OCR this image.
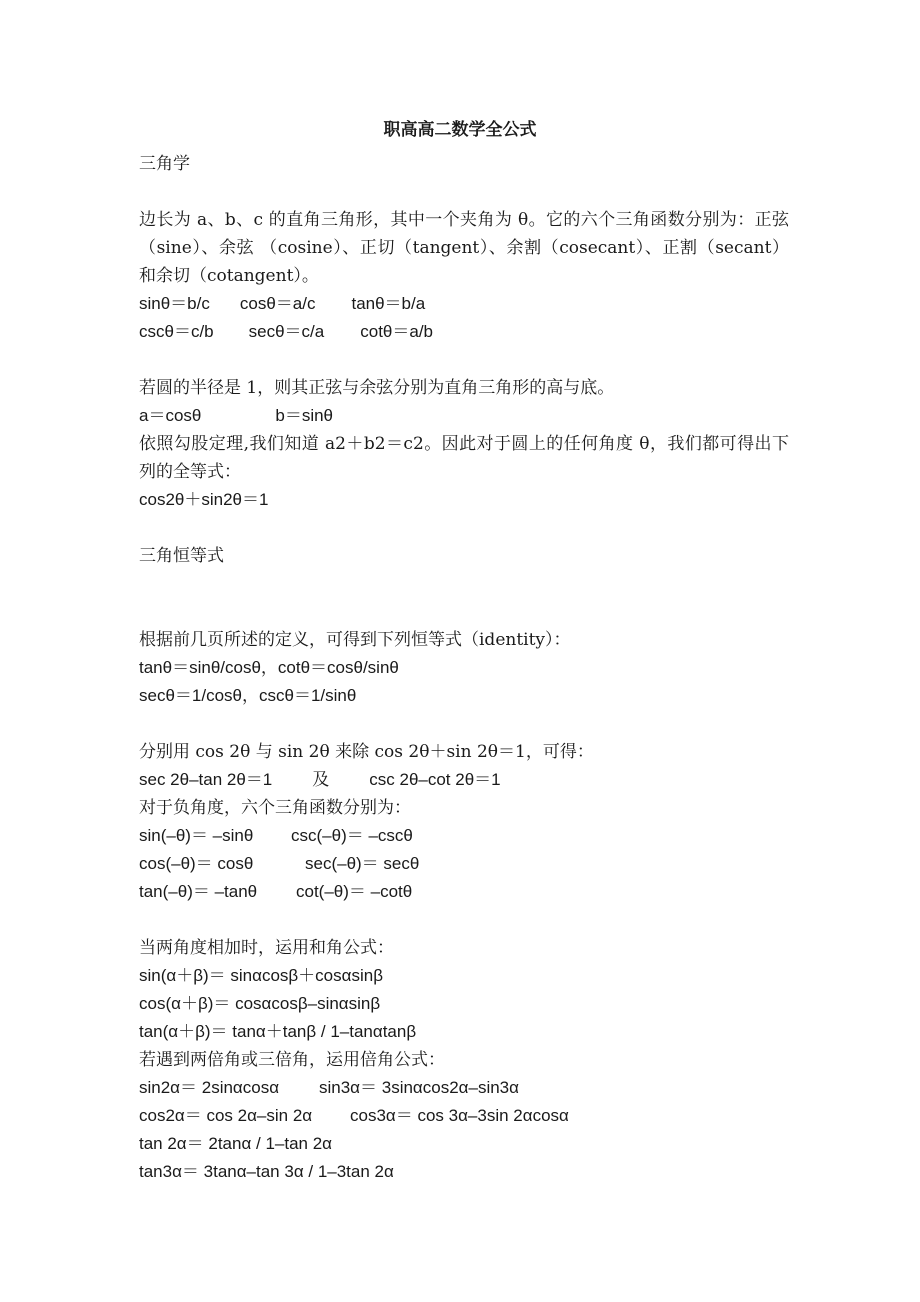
职高高二数学全公式
三角学
边长为 a、b、c 的直角三角形，其中一个夹角为 θ。它的六个三角函数分别为：正弦（sine）、余弦 （cosine）、正切（tangent）、余割（cosecant）、正割（secant）和余切（cotangent）。
sinθ＝b/c cosθ＝a/c tanθ＝b/a
cscθ＝c/b secθ＝c/a cotθ＝a/b
若圆的半径是 1，则其正弦与余弦分别为直角三角形的高与底。
a＝cosθ	b＝sinθ
依照勾股定理,我们知道 a2＋b2＝c2。因此对于圆上的任何角度 θ，我们都可得出下列的全等式：
cos2θ＋sin2θ＝1
三角恒等式
根据前几页所述的定义，可得到下列恒等式（identity）：
tanθ＝sinθ/cosθ，cotθ＝cosθ/sinθ
secθ＝1/cosθ，cscθ＝1/sinθ
分别用 cos 2θ 与 sin 2θ 来除 cos 2θ＋sin 2θ＝1，可得：
sec 2θ–tan 2θ＝1 及 csc 2θ–cot 2θ＝1
对于负角度，六个三角函数分别为：
sin(–θ)＝ –sinθ csc(–θ)＝ –cscθ
cos(–θ)＝ cosθ	sec(–θ)＝ secθ
tan(–θ)＝ –tanθ cot(–θ)＝ –cotθ
当两角度相加时，运用和角公式：
sin(α＋β)＝ sinαcosβ＋cosαsinβ
cos(α＋β)＝ cosαcosβ–sinαsinβ
tan(α＋β)＝ tanα＋tanβ / 1–tanαtanβ
若遇到两倍角或三倍角，运用倍角公式：
sin2α＝ 2sinαcosα sin3α＝ 3sinαcos2α–sin3α
cos2α＝ cos 2α–sin 2α cos3α＝ cos 3α–3sin 2αcosα
tan 2α＝ 2tanα / 1–tan 2α
tan3α＝ 3tanα–tan 3α / 1–3tan 2α
